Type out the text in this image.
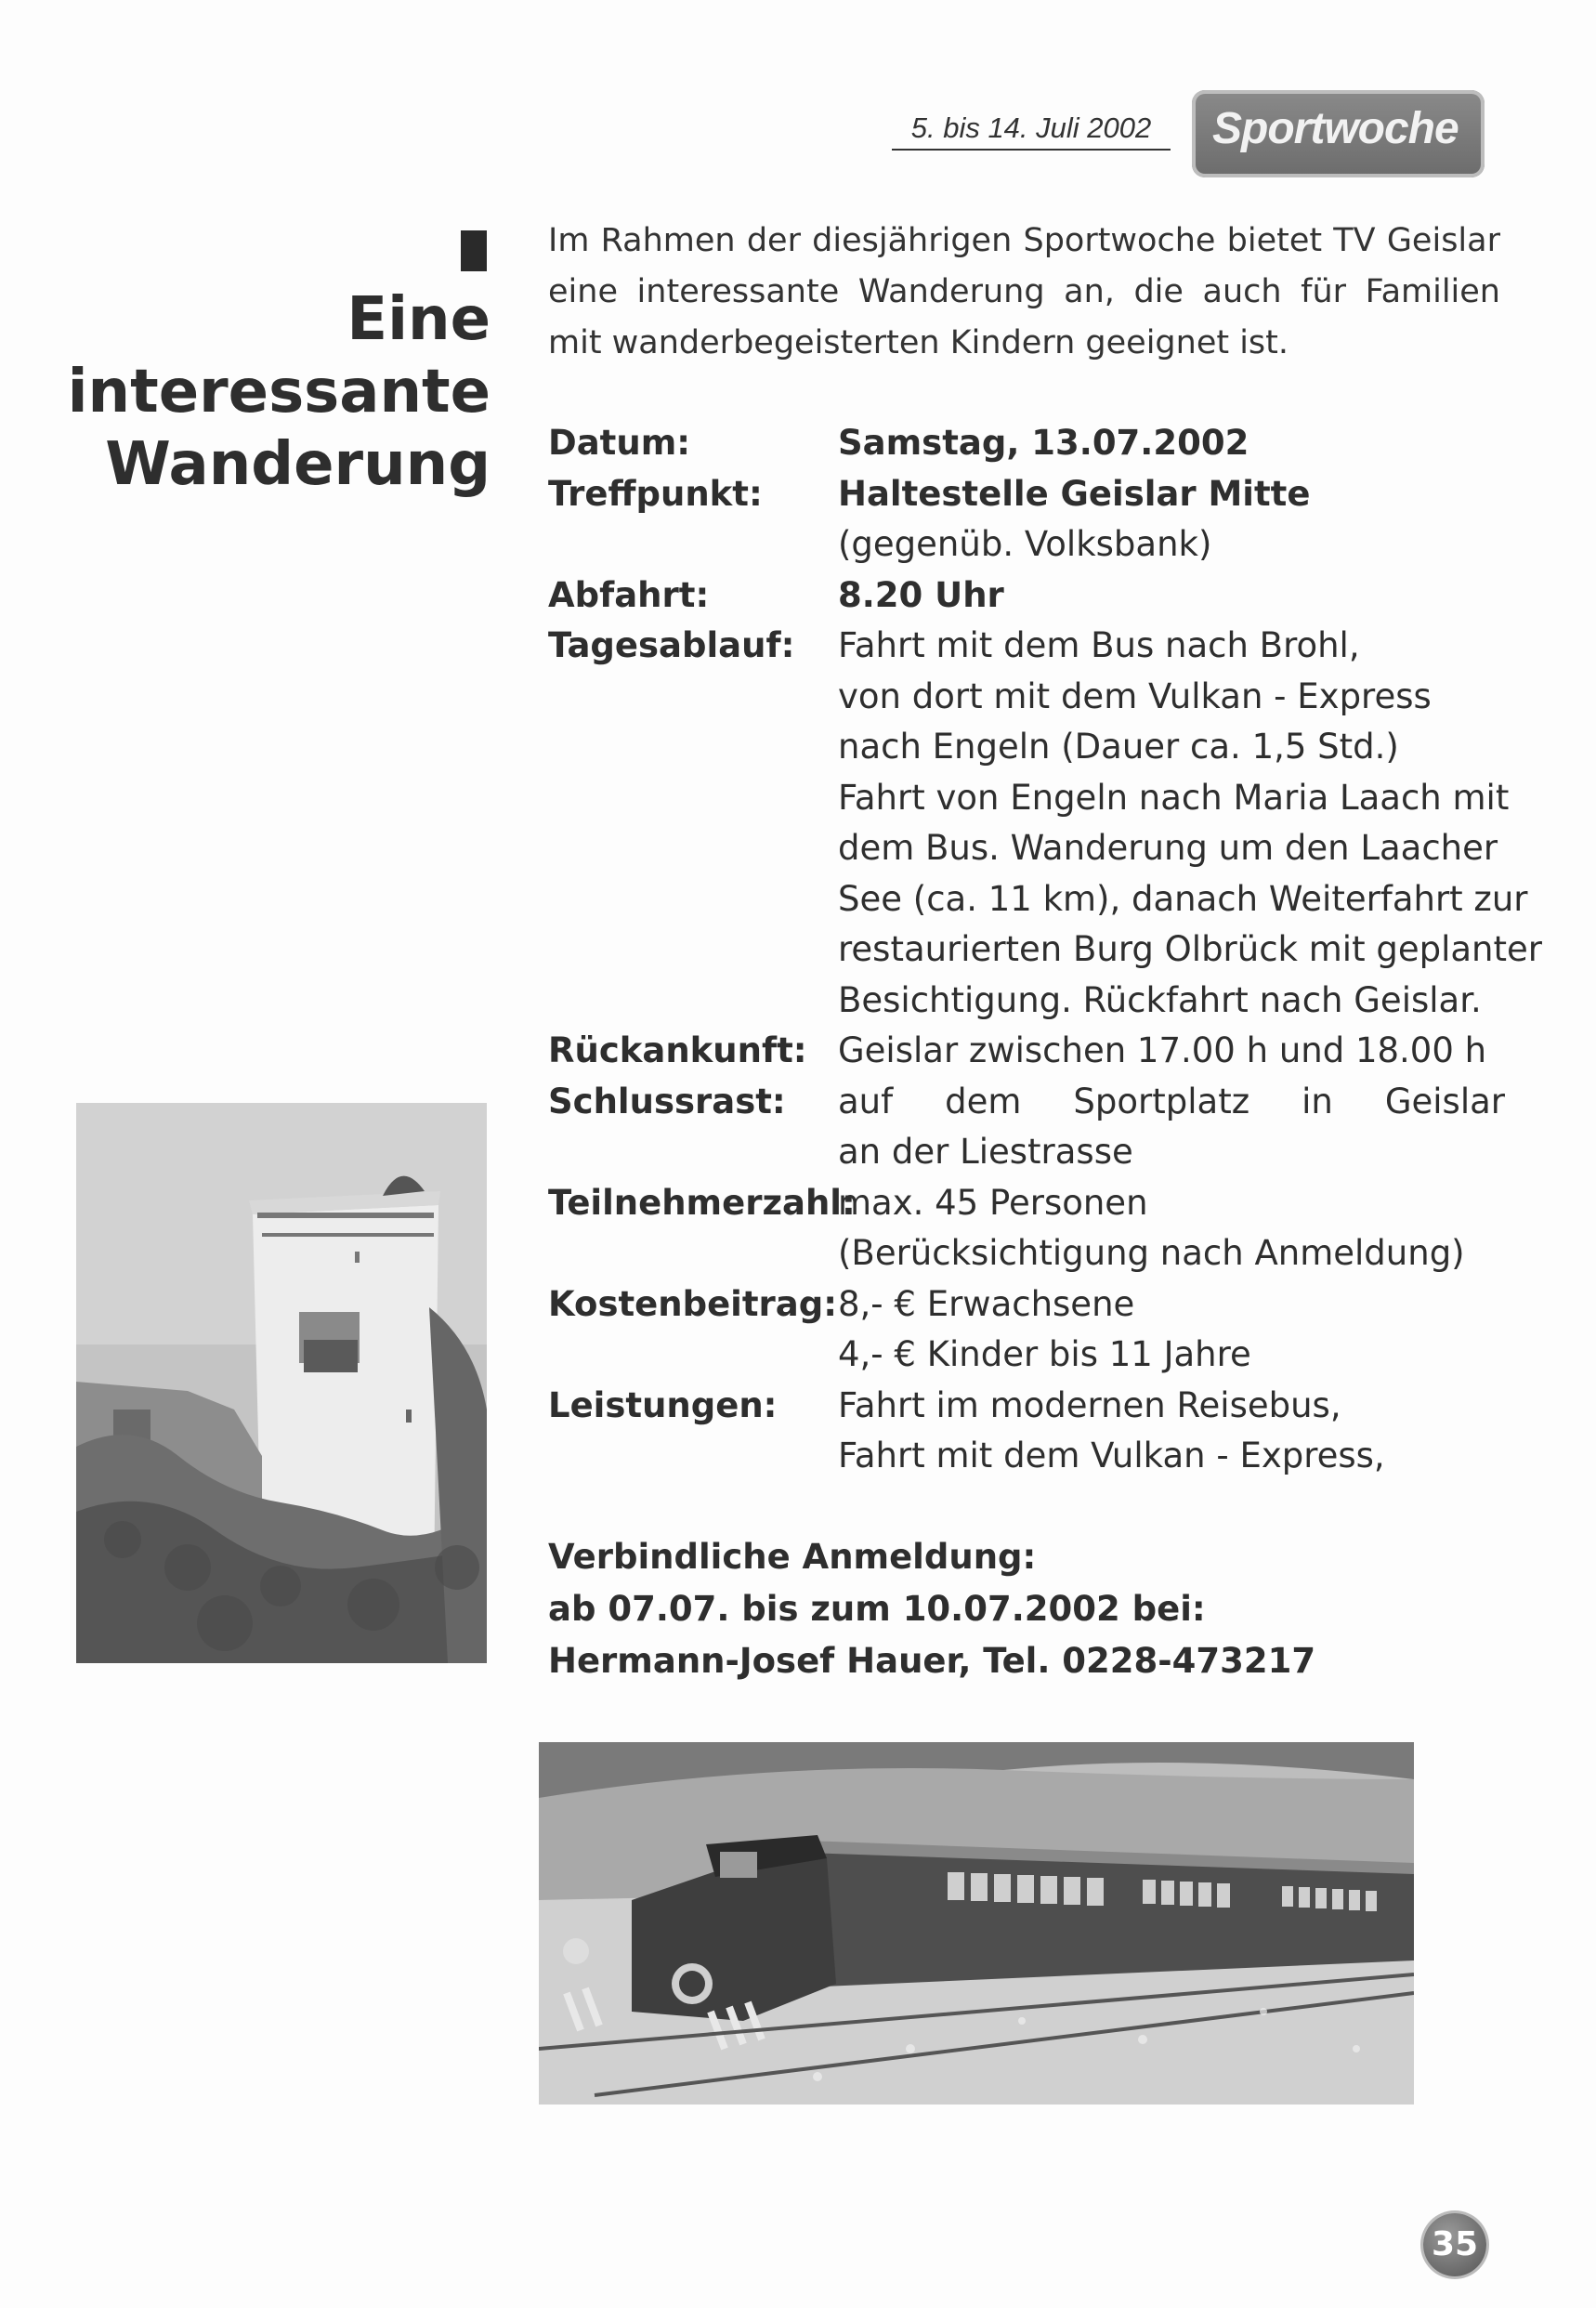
5. bis 14. Juli 2002	Sportwoche
Eine
interessante
Wanderung
Im Rahmen der diesjährigen Sportwoche bietet TV Geislar eine interessante Wanderung an, die auch für Familien mit wanderbegeisterten Kindern geeignet ist.
Datum:	Samstag, 13.07.2002
Treffpunkt:	Haltestelle Geislar Mitte
(gegenüb. Volksbank)
Abfahrt:	8.20 Uhr
Tagesablauf:	Fahrt mit dem Bus nach Brohl,
von dort mit dem Vulkan - Express
nach Engeln (Dauer ca. 1,5 Std.)
Fahrt von Engeln nach Maria Laach mit
dem Bus. Wanderung um den Laacher
See (ca. 11 km), danach Weiterfahrt zur
restaurierten Burg Olbrück mit geplanter
Besichtigung. Rückfahrt nach Geislar.
Rückankunft: Geislar zwischen 17.00 h und 18.00 h
Schlussrast:	auf dem Sportplatz in Geislar
an der Liestrasse
Teilnehmerzahl:
max. 45 Personen
(Berücksichtigung nach Anmeldung)
Kostenbeitrag: 8,- € Erwachsene
4,- € Kinder bis 11 Jahre
Leistungen:	Fahrt im modernen Reisebus,
Fahrt mit dem Vulkan - Express,
Verbindliche Anmeldung:
ab 07.07. bis zum 10.07.2002 bei:
Hermann-Josef Hauer, Tel. 0228-473217
35
